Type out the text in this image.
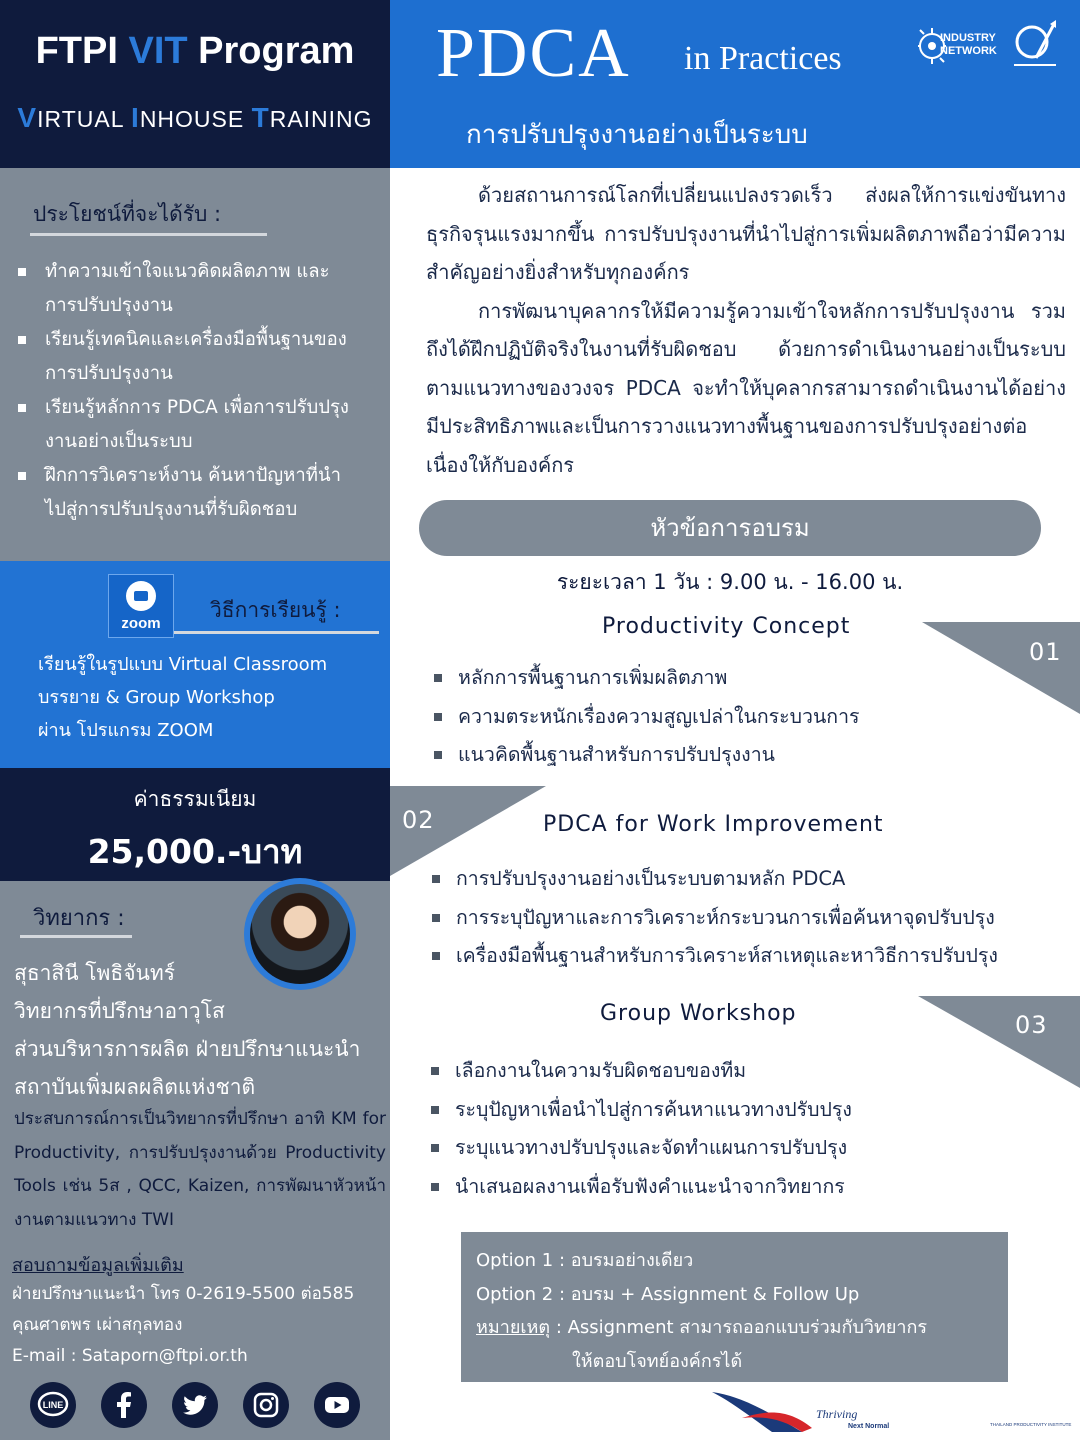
FTPI VIT Program
VIRTUAL INHOUSE TRAINING
ประโยชน์ที่จะได้รับ :
ทำความเข้าใจแนวคิดผลิตภาพ และการปรับปรุงงาน
เรียนรู้เทคนิคและเครื่องมือพื้นฐานของการปรับปรุงงาน
เรียนรู้หลักการ PDCA เพื่อการปรับปรุงงานอย่างเป็นระบบ
ฝึกการวิเคราะห์งาน ค้นหาปัญหาที่นำไปสู่การปรับปรุงงานที่รับผิดชอบ
zoom
วิธีการเรียนรู้ :
เรียนรู้ในรูปแบบ Virtual Classroom
บรรยาย & Group Workshop
ผ่าน โปรแกรม ZOOM
ค่าธรรมเนียม
25,000.-บาท
วิทยากร :
สุธาสินี โพธิจันทร์
วิทยากรที่ปรึกษาอาวุโส
ส่วนบริหารการผลิต ฝ่ายปรึกษาแนะนำ
สถาบันเพิ่มผลผลิตแห่งชาติ
ประสบการณ์การเป็นวิทยากรที่ปรึกษา อาทิ KM for Productivity, การปรับปรุงงานด้วย Productivity Tools เช่น 5ส , QCC, Kaizen, การพัฒนาหัวหน้างานตามแนวทาง TWI
สอบถามข้อมูลเพิ่มเติม
ฝ่ายปรึกษาแนะนำ โทร 0-2619-5500 ต่อ585
คุณศาตพร เผ่าสกุลทอง
E-mail : Sataporn@ftpi.or.th
LINE
PDCA in Practices
การปรับปรุงงานอย่างเป็นระบบ
INDUSTRY
NETWORK

ด้วยสถานการณ์โลกที่เปลี่ยนแปลงรวดเร็ว ส่งผลให้การแข่งขันทางธุรกิจรุนแรงมากขึ้น การปรับปรุงงานที่นำไปสู่การเพิ่มผลิตภาพถือว่ามีความสำคัญอย่างยิ่งสำหรับทุกองค์กร

การพัฒนาบุคลากรให้มีความรู้ความเข้าใจหลักการปรับปรุงงาน รวมถึงได้ฝึกปฏิบัติจริงในงานที่รับผิดชอบ ด้วยการดำเนินงานอย่างเป็นระบบตามแนวทางของวงจร PDCA จะทำให้บุคลากรสามารถดำเนินงานได้อย่างมีประสิทธิภาพและเป็นการวางแนวทางพื้นฐานของการปรับปรุงอย่างต่อเนื่องให้กับองค์กร

หัวข้อการอบรม
ระยะเวลา 1 วัน : 9.00 น. - 16.00 น.
01
Productivity Concept
หลักการพื้นฐานการเพิ่มผลิตภาพ
ความตระหนักเรื่องความสูญเปล่าในกระบวนการ
แนวคิดพื้นฐานสำหรับการปรับปรุงงาน
02	PDCA for Work Improvement
การปรับปรุงงานอย่างเป็นระบบตามหลัก PDCA
การระบุปัญหาและการวิเคราะห์กระบวนการเพื่อค้นหาจุดปรับปรุง
เครื่องมือพื้นฐานสำหรับการวิเคราะห์สาเหตุและหาวิธีการปรับปรุง
03
Group Workshop
เลือกงานในความรับผิดชอบของทีม
ระบุปัญหาเพื่อนำไปสู่การค้นหาแนวทางปรับปรุง
ระบุแนวทางปรับปรุงและจัดทำแผนการปรับปรุง
นำเสนอผลงานเพื่อรับฟังคำแนะนำจากวิทยากร
Option 1 : อบรมอย่างเดียว
Option 2 : อบรม + Assignment & Follow Up
หมายเหตุ : Assignment สามารถออกแบบร่วมกับวิทยากร
ให้ตอบโจทย์องค์กรได้
Thriving
Next Normal	THAILAND PRODUCTIVITY INSTITUTE
